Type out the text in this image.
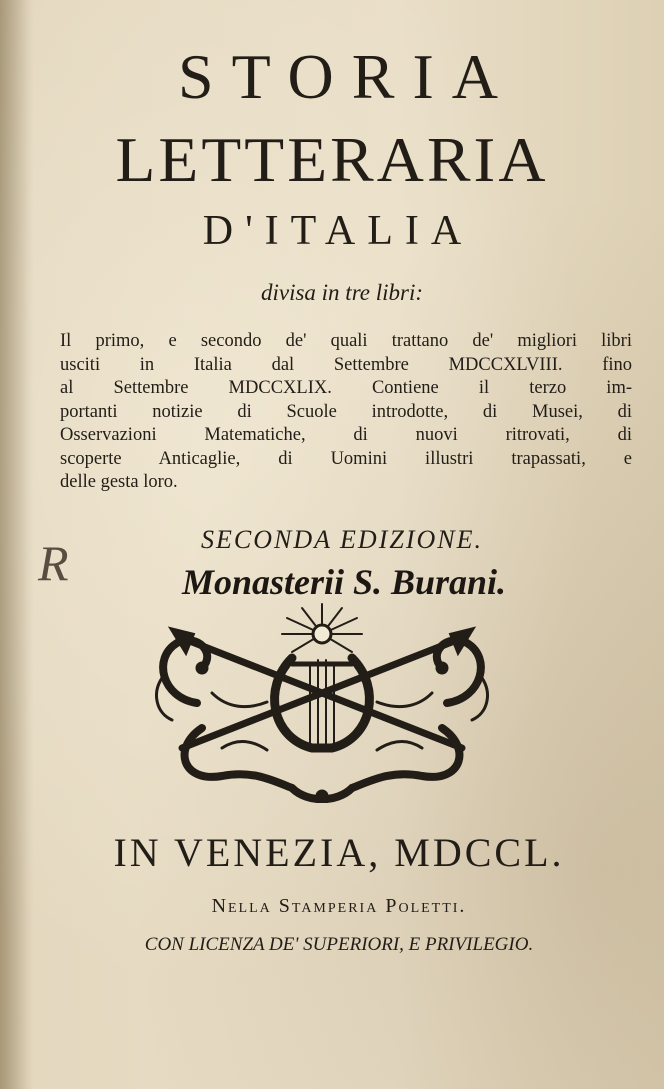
STORIA
LETTERARIA
D'ITALIA
divisa in tre libri:
Il primo, e secondo de' quali trattano de' migliori libri
usciti in Italia dal Settembre MDCCXLVIII. fino
al Settembre MDCCXLIX. Contiene il terzo im-
portanti notizie di Scuole introdotte, di Musei, di
Osservazioni Matematiche, di nuovi ritrovati, di
scoperte Anticaglie, di Uomini illustri trapassati, e
delle gesta loro.
SECONDA EDIZIONE.
R	Monasterii S. Burani.
IN VENEZIA, MDCCL.
Nella Stamperia Poletti.
CON LICENZA DE' SUPERIORI, E PRIVILEGIO.
